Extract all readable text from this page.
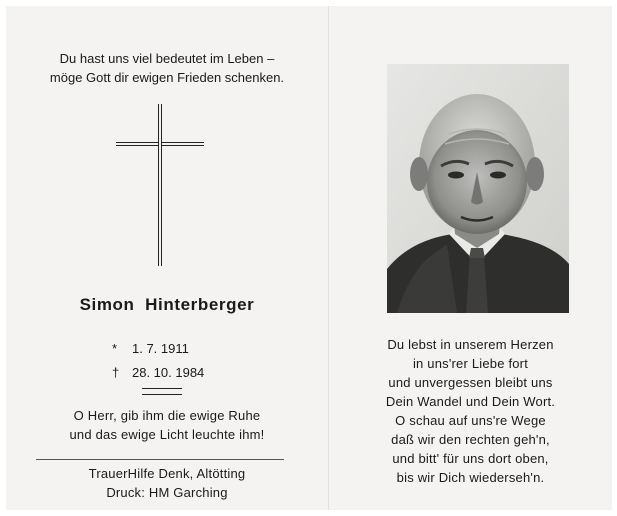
Du hast uns viel bedeutet im Leben –
möge Gott dir ewigen Frieden schenken.
Simon  Hinterberger
*	1. 7. 1911
† 28. 10. 1984
O Herr, gib ihm die ewige Ruhe
und das ewige Licht leuchte ihm!
TrauerHilfe Denk, Altötting
Druck: HM Garching
Du lebst in unserem Herzen
in uns'rer Liebe fort
und unvergessen bleibt uns
Dein Wandel und Dein Wort.
O schau auf uns're Wege
daß wir den rechten geh'n,
und bitt' für uns dort oben,
bis wir Dich wiederseh'n.
